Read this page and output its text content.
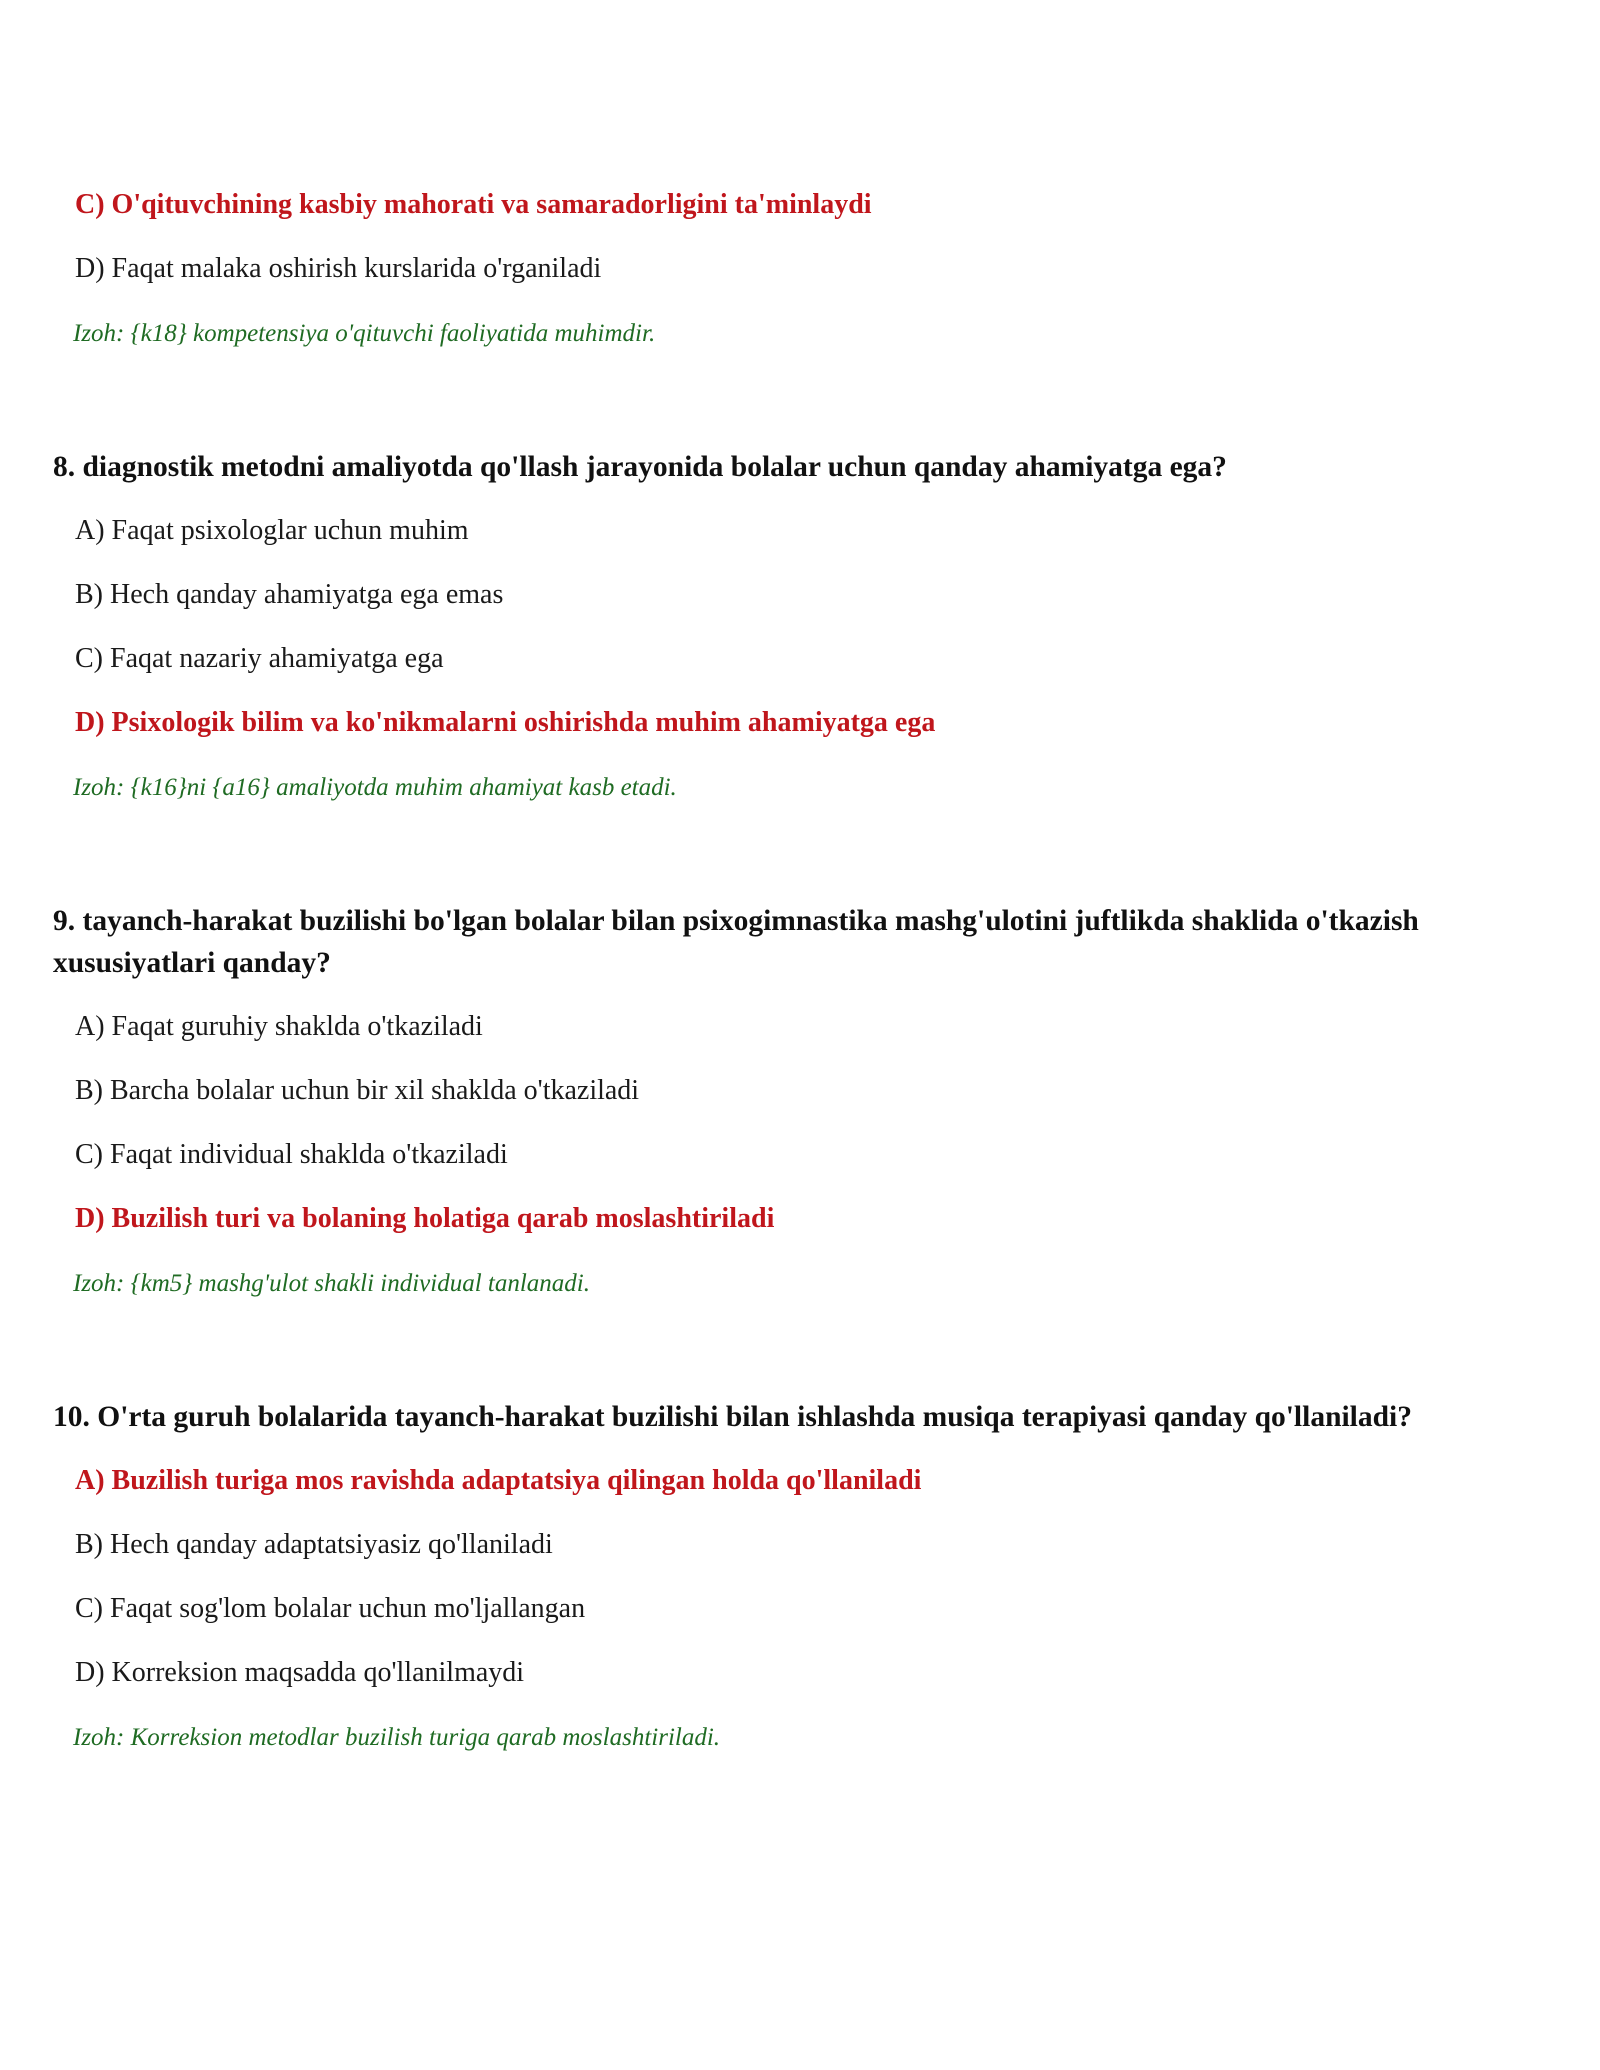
C) O'qituvchining kasbiy mahorati va samaradorligini ta'minlaydi
D) Faqat malaka oshirish kurslarida o'rganiladi
Izoh: {k18} kompetensiya o'qituvchi faoliyatida muhimdir.
8. diagnostik metodni amaliyotda qo'llash jarayonida bolalar uchun qanday ahamiyatga ega?
A) Faqat psixologlar uchun muhim
B) Hech qanday ahamiyatga ega emas
C) Faqat nazariy ahamiyatga ega
D) Psixologik bilim va ko'nikmalarni oshirishda muhim ahamiyatga ega
Izoh: {k16}ni {a16} amaliyotda muhim ahamiyat kasb etadi.
9. tayanch-harakat buzilishi bo'lgan bolalar bilan psixogimnastika mashg'ulotini juftlikda shaklida o'tkazish
xususiyatlari qanday?
A) Faqat guruhiy shaklda o'tkaziladi
B) Barcha bolalar uchun bir xil shaklda o'tkaziladi
C) Faqat individual shaklda o'tkaziladi
D) Buzilish turi va bolaning holatiga qarab moslashtiriladi
Izoh: {km5} mashg'ulot shakli individual tanlanadi.
10. O'rta guruh bolalarida tayanch-harakat buzilishi bilan ishlashda musiqa terapiyasi qanday qo'llaniladi?
A) Buzilish turiga mos ravishda adaptatsiya qilingan holda qo'llaniladi
B) Hech qanday adaptatsiyasiz qo'llaniladi
C) Faqat sog'lom bolalar uchun mo'ljallangan
D) Korreksion maqsadda qo'llanilmaydi
Izoh: Korreksion metodlar buzilish turiga qarab moslashtiriladi.
